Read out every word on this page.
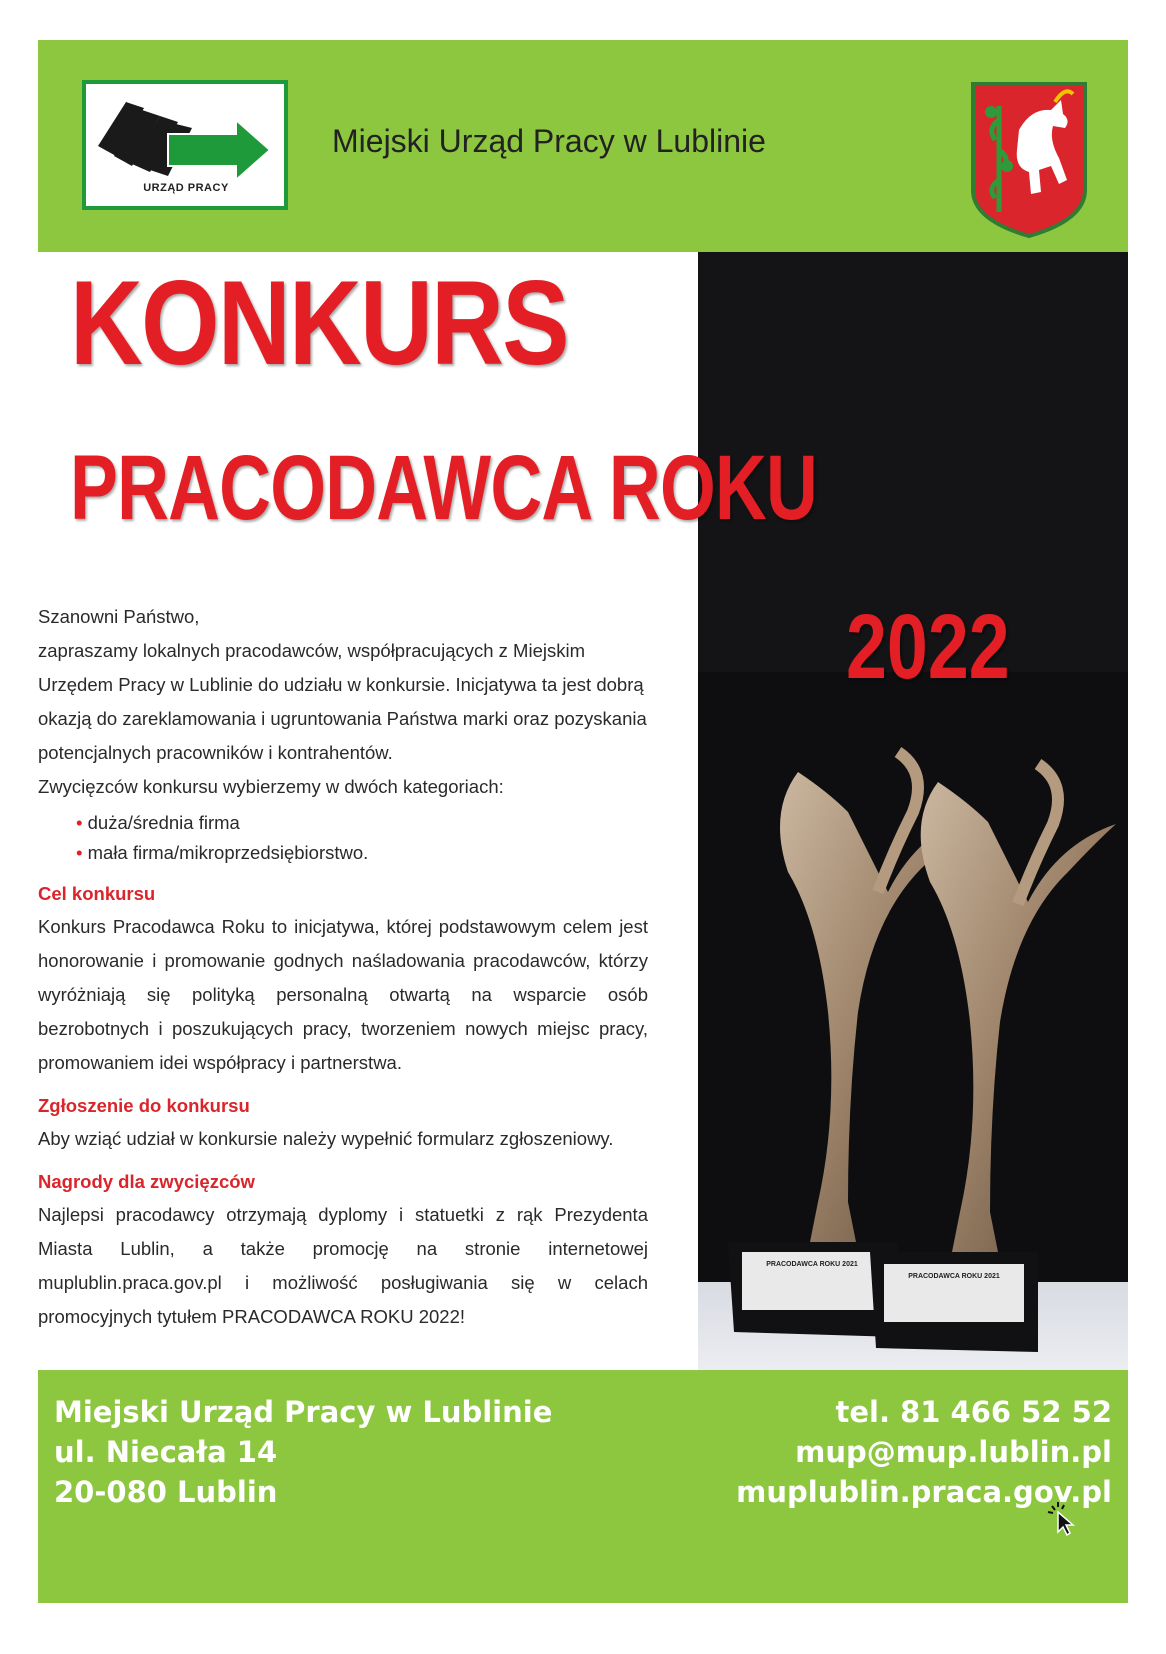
URZĄD PRACY
Miejski Urząd Pracy w Lublinie
PRACODAWCA ROKU 2021
PRACODAWCA ROKU 2021
KONKURS
PRACODAWCA ROKU
2022

Szanowni Państwo,

zapraszamy lokalnych pracodawców, współpracujących z Miejskim Urzędem Pracy w Lublinie do udziału w konkursie. Inicjatywa ta jest dobrą okazją do zareklamowania i ugruntowania Państwa marki oraz pozyskania potencjalnych pracowników i kontrahentów.

Zwycięzców konkursu wybierzemy w dwóch kategoriach:

• duża/średnia firma
• mała firma/mikroprzedsiębiorstwo.
Cel konkursu

Konkurs Pracodawca Roku to inicjatywa, której podstawowym celem jest honorowanie i promowanie godnych naśladowania pracodawców, którzy wyróżniają się polityką personalną otwartą na wsparcie osób bezrobotnych i poszukujących pracy, tworzeniem nowych miejsc pracy, promowaniem idei współpracy i partnerstwa.

Zgłoszenie do konkursu

Aby wziąć udział w konkursie należy wypełnić formularz zgłoszeniowy.

Nagrody dla zwycięzców

Najlepsi pracodawcy otrzymają dyplomy i statuetki z rąk Prezydenta Miasta Lublin, a także promocję na stronie internetowej muplublin.praca.gov.pl i możliwość posługiwania się w celach promocyjnych tytułem PRACODAWCA ROKU 2022!

Miejski Urząd Pracy w Lublinie
ul. Niecała 14
20-080 Lublin
tel. 81 466 52 52
mup@mup.lublin.pl
muplublin.praca.gov.pl
